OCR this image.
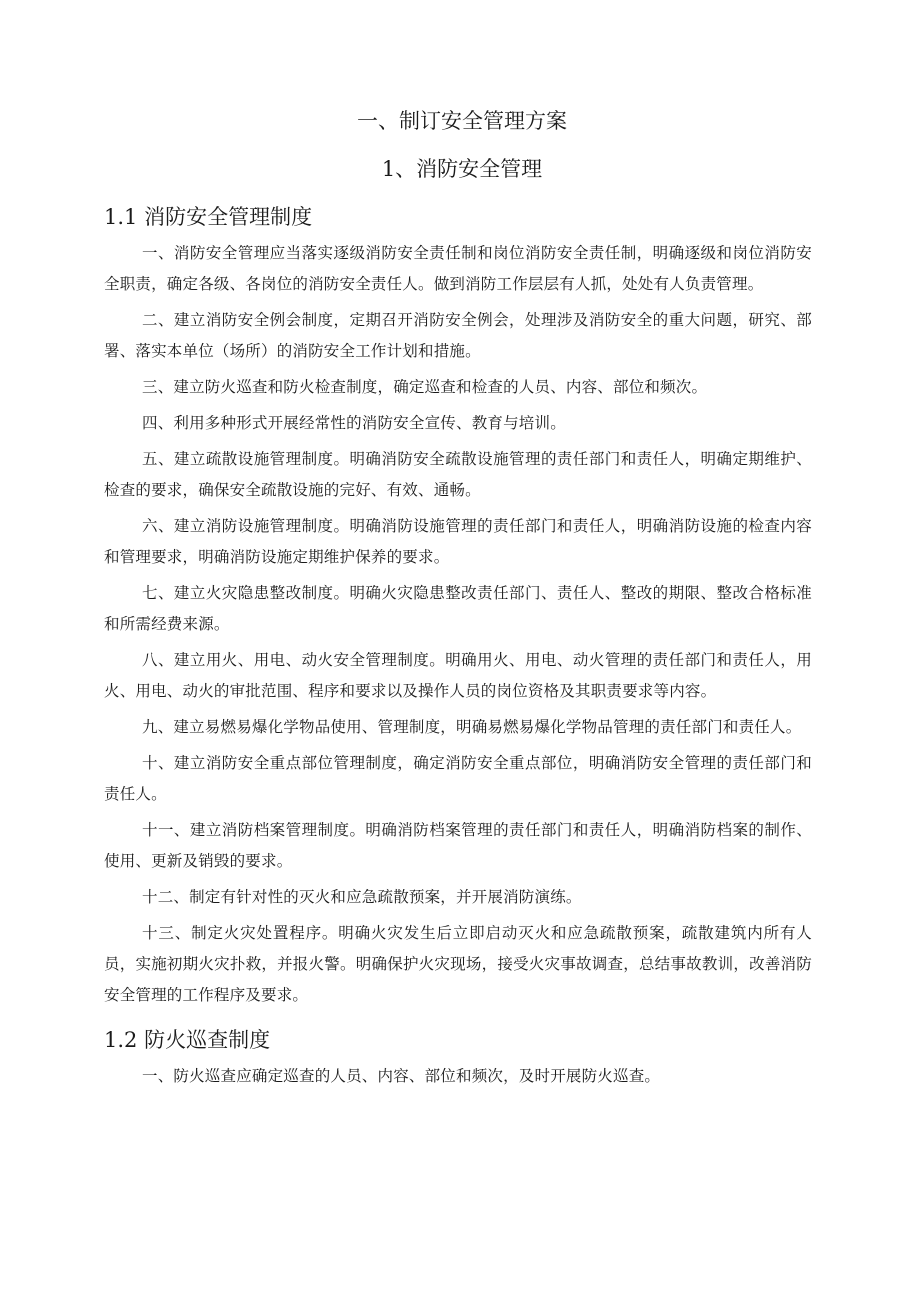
一、制订安全管理方案
1、消防安全管理
1.1 消防安全管理制度

一、消防安全管理应当落实逐级消防安全责任制和岗位消防安全责任制，明确逐级和岗位消防安全职责，确定各级、各岗位的消防安全责任人。做到消防工作层层有人抓，处处有人负责管理。

二、建立消防安全例会制度，定期召开消防安全例会，处理涉及消防安全的重大问题，研究、部署、落实本单位（场所）的消防安全工作计划和措施。

三、建立防火巡查和防火检查制度，确定巡查和检查的人员、内容、部位和频次。

四、利用多种形式开展经常性的消防安全宣传、教育与培训。

五、建立疏散设施管理制度。明确消防安全疏散设施管理的责任部门和责任人，明确定期维护、检查的要求，确保安全疏散设施的完好、有效、通畅。

六、建立消防设施管理制度。明确消防设施管理的责任部门和责任人，明确消防设施的检查内容和管理要求，明确消防设施定期维护保养的要求。

七、建立火灾隐患整改制度。明确火灾隐患整改责任部门、责任人、整改的期限、整改合格标准和所需经费来源。

八、建立用火、用电、动火安全管理制度。明确用火、用电、动火管理的责任部门和责任人，用火、用电、动火的审批范围、程序和要求以及操作人员的岗位资格及其职责要求等内容。

九、建立易燃易爆化学物品使用、管理制度，明确易燃易爆化学物品管理的责任部门和责任人。

十、建立消防安全重点部位管理制度，确定消防安全重点部位，明确消防安全管理的责任部门和责任人。

十一、建立消防档案管理制度。明确消防档案管理的责任部门和责任人，明确消防档案的制作、使用、更新及销毁的要求。

十二、制定有针对性的灭火和应急疏散预案，并开展消防演练。

十三、制定火灾处置程序。明确火灾发生后立即启动灭火和应急疏散预案，疏散建筑内所有人员，实施初期火灾扑救，并报火警。明确保护火灾现场，接受火灾事故调查，总结事故教训，改善消防安全管理的工作程序及要求。

1.2 防火巡查制度

一、防火巡查应确定巡查的人员、内容、部位和频次，及时开展防火巡查。
